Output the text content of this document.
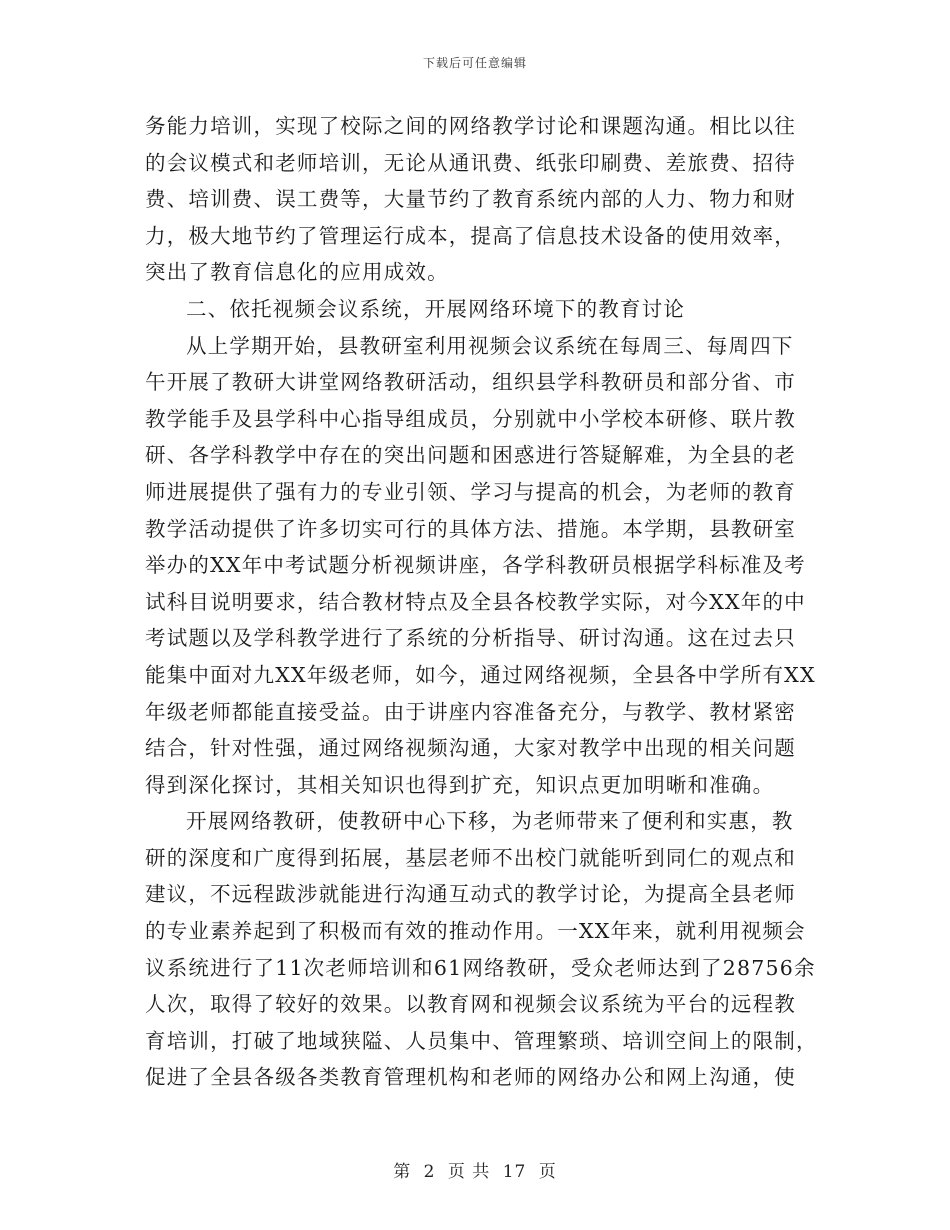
下载后可任意编辑

务能力培训，实现了校际之间的网络教学讨论和课题沟通。相比以往
的会议模式和老师培训，无论从通讯费、纸张印刷费、差旅费、招待
费、培训费、误工费等，大量节约了教育系统内部的人力、物力和财
力，极大地节约了管理运行成本，提高了信息技术设备的使用效率，
突出了教育信息化的应用成效。

二、依托视频会议系统，开展网络环境下的教育讨论

从上学期开始，县教研室利用视频会议系统在每周三、每周四下
午开展了教研大讲堂网络教研活动，组织县学科教研员和部分省、市
教学能手及县学科中心指导组成员，分别就中小学校本研修、联片教
研、各学科教学中存在的突出问题和困惑进行答疑解难，为全县的老
师进展提供了强有力的专业引领、学习与提高的机会，为老师的教育
教学活动提供了许多切实可行的具体方法、措施。本学期，县教研室
举办的XX年中考试题分析视频讲座，各学科教研员根据学科标准及考
试科目说明要求，结合教材特点及全县各校教学实际，对今XX年的中
考试题以及学科教学进行了系统的分析指导、研讨沟通。这在过去只
能集中面对九XX年级老师，如今，通过网络视频，全县各中学所有XX
年级老师都能直接受益。由于讲座内容准备充分，与教学、教材紧密
结合，针对性强，通过网络视频沟通，大家对教学中出现的相关问题
得到深化探讨，其相关知识也得到扩充，知识点更加明晰和准确。

开展网络教研，使教研中心下移，为老师带来了便利和实惠，教
研的深度和广度得到拓展，基层老师不出校门就能听到同仁的观点和
建议，不远程跋涉就能进行沟通互动式的教学讨论，为提高全县老师
的专业素养起到了积极而有效的推动作用。一XX年来，就利用视频会
议系统进行了11次老师培训和61网络教研，受众老师达到了28756余
人次，取得了较好的效果。以教育网和视频会议系统为平台的远程教
育培训，打破了地域狭隘、人员集中、管理繁琐、培训空间上的限制，
促进了全县各级各类教育管理机构和老师的网络办公和网上沟通，使

第 2 页 共 17 页
